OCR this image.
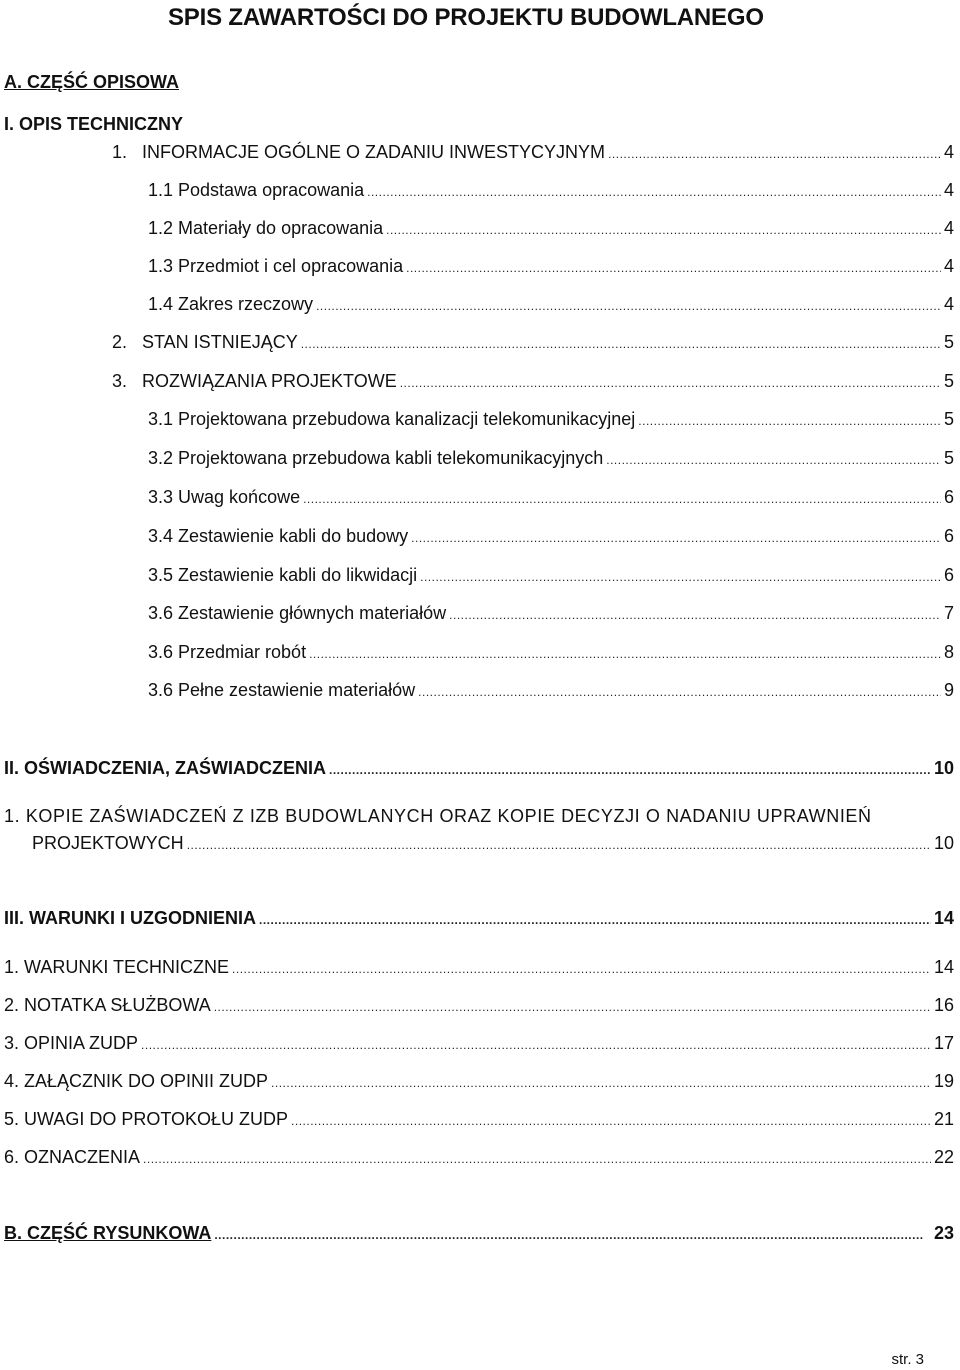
SPIS ZAWARTOŚCI DO PROJEKTU BUDOWLANEGO
A. CZĘŚĆ OPISOWA
I. OPIS TECHNICZNY
1.   INFORMACJE OGÓLNE O ZADANIU INWESTYCYJNYM .....	4
1.1 Podstawa opracowania .....	4
1.2 Materiały do opracowania .....	4
1.3 Przedmiot i cel opracowania .....	4
1.4 Zakres rzeczowy .....	4
2.   STAN ISTNIEJĄCY .....	5
3.   ROZWIĄZANIA PROJEKTOWE .....	5
3.1 Projektowana przebudowa kanalizacji telekomunikacyjnej .....	5
3.2 Projektowana przebudowa kabli telekomunikacyjnych .....	5
3.3 Uwag końcowe .....	6
3.4 Zestawienie kabli do budowy .....	6
3.5 Zestawienie kabli do likwidacji .....	6
3.6 Zestawienie głównych materiałów .....	7
3.6 Przedmiar robót .....	8
3.6 Pełne zestawienie materiałów .....	9
II. OŚWIADCZENIA, ZAŚWIADCZENIA .....	10
1. KOPIE ZAŚWIADCZEŃ Z IZB BUDOWLANYCH ORAZ KOPIE DECYZJI O NADANIU UPRAWNIEŃ
PROJEKTOWYCH .....	10
III. WARUNKI I UZGODNIENIA .....	14
1. WARUNKI TECHNICZNE .....	14
2. NOTATKA SŁUŻBOWA .....	16
3. OPINIA ZUDP .....	17
4. ZAŁĄCZNIK DO OPINII ZUDP .....	19
5. UWAGI DO PROTOKOŁU ZUDP .....	21
6. OZNACZENIA .....	22
B. CZĘŚĆ RYSUNKOWA .....	23
str. 3
